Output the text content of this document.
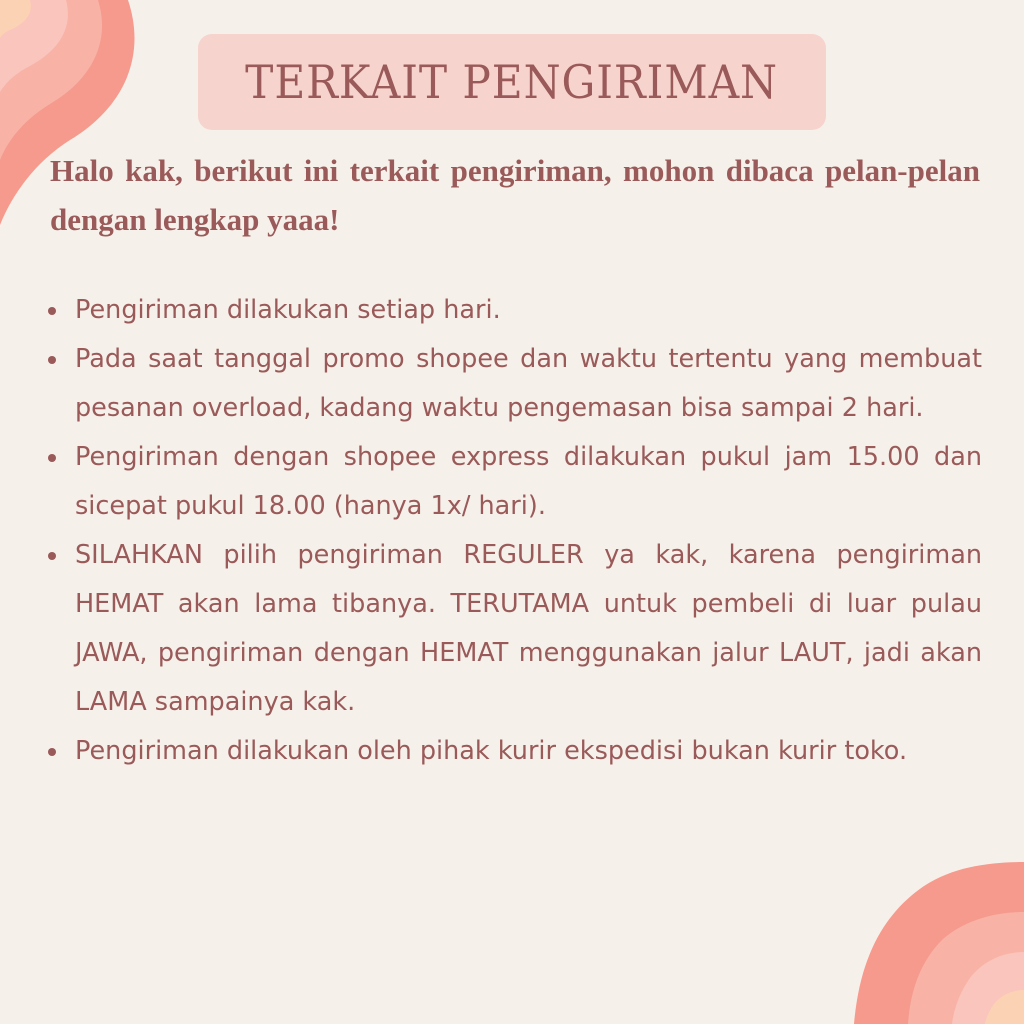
TERKAIT PENGIRIMAN

Halo kak, berikut ini terkait pengiriman, mohon dibaca pelan-pelan dengan lengkap yaaa!

Pengiriman dilakukan setiap hari.
Pada saat tanggal promo shopee dan waktu tertentu yang membuat pesanan overload, kadang waktu pengemasan bisa sampai 2 hari.
Pengiriman dengan shopee express dilakukan pukul jam 15.00 dan sicepat pukul 18.00 (hanya 1x/ hari).
SILAHKAN pilih pengiriman REGULER ya kak, karena pengiriman HEMAT akan lama tibanya. TERUTAMA untuk pembeli di luar pulau JAWA, pengiriman dengan HEMAT menggunakan jalur LAUT, jadi akan LAMA sampainya kak.
Pengiriman dilakukan oleh pihak kurir ekspedisi bukan kurir toko.
